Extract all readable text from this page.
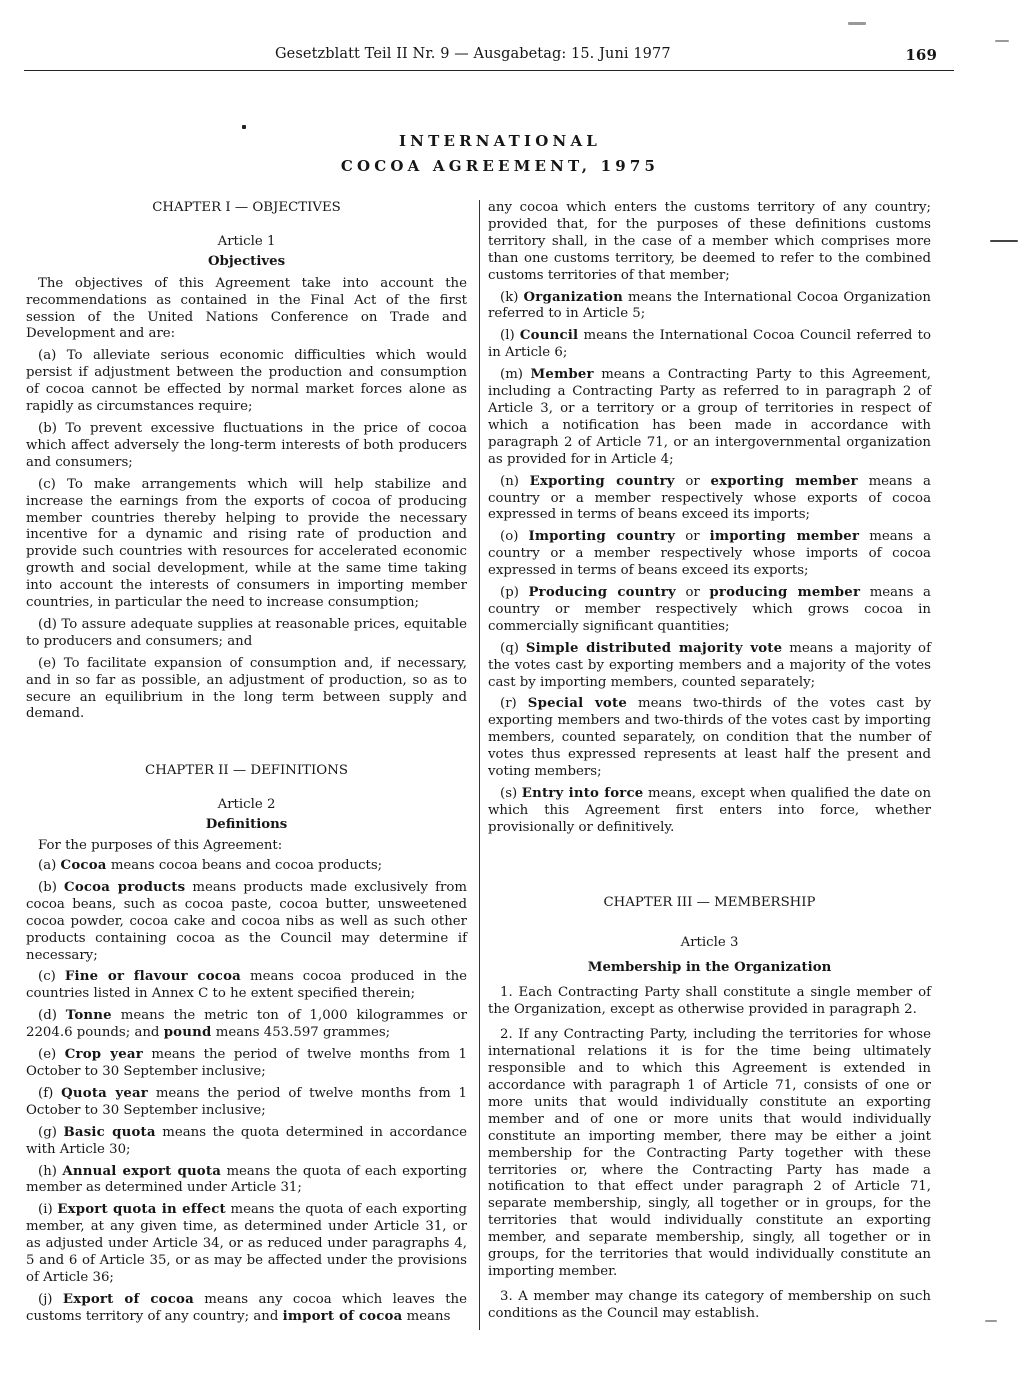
Gesetzblatt Teil II Nr. 9 — Ausgabetag: 15. Juni 1977	169
INTERNATIONAL
COCOA AGREEMENT, 1975

CHAPTER I — OBJECTIVES

Article 1

Objectives

The objectives of this Agreement take into account the recommendations as contained in the Final Act of the first session of the United Nations Conference on Trade and Development and are:

(a) To alleviate serious economic difficulties which would persist if adjustment between the production and consumption of cocoa cannot be effected by normal market forces alone as rapidly as circumstances require;

(b) To prevent excessive fluctuations in the price of cocoa which affect adversely the long-term interests of both producers and consumers;

(c) To make arrangements which will help stabilize and increase the earnings from the exports of cocoa of producing member countries thereby helping to provide the necessary incentive for a dynamic and rising rate of production and provide such countries with resources for accelerated economic growth and social development, while at the same time taking into account the interests of consumers in importing member countries, in particular the need to increase consumption;

(d) To assure adequate supplies at reasonable prices, equitable to producers and consumers; and

(e) To facilitate expansion of consumption and, if necessary, and in so far as possible, an adjustment of production, so as to secure an equilibrium in the long term between supply and demand.

CHAPTER II — DEFINITIONS

Article 2

Definitions

For the purposes of this Agreement:

(a) Cocoa means cocoa beans and cocoa products;

(b) Cocoa products means products made exclusively from cocoa beans, such as cocoa paste, cocoa butter, unsweetened cocoa powder, cocoa cake and cocoa nibs as well as such other products containing cocoa as the Council may determine if necessary;

(c) Fine or flavour cocoa means cocoa produced in the countries listed in Annex C to he extent specified therein;

(d) Tonne means the metric ton of 1,000 kilogrammes or 2204.6 pounds; and pound means 453.597 grammes;

(e) Crop year means the period of twelve months from 1 October to 30 September inclusive;

(f) Quota year means the period of twelve months from 1 October to 30 September inclusive;

(g) Basic quota means the quota determined in accordance with Article 30;

(h) Annual export quota means the quota of each exporting member as determined under Article 31;

(i) Export quota in effect means the quota of each exporting member, at any given time, as determined under Article 31, or as adjusted under Article 34, or as reduced under paragraphs 4, 5 and 6 of Article 35, or as may be affected under the provisions of Article 36;

(j) Export of cocoa means any cocoa which leaves the customs territory of any country; and import of cocoa means

any cocoa which enters the customs territory of any country; provided that, for the purposes of these definitions customs territory shall, in the case of a member which comprises more than one customs territory, be deemed to refer to the combined customs territories of that member;

(k) Organization means the International Cocoa Organization referred to in Article 5;

(l) Council means the International Cocoa Council referred to in Article 6;

(m) Member means a Contracting Party to this Agreement, including a Contracting Party as referred to in paragraph 2 of Article 3, or a territory or a group of territories in respect of which a notification has been made in accordance with paragraph 2 of Article 71, or an intergovernmental organization as provided for in Article 4;

(n) Exporting country or exporting member means a country or a member respectively whose exports of cocoa expressed in terms of beans exceed its imports;

(o) Importing country or importing member means a country or a member respectively whose imports of cocoa expressed in terms of beans exceed its exports;

(p) Producing country or producing member means a country or member respectively which grows cocoa in commercially significant quantities;

(q) Simple distributed majority vote means a majority of the votes cast by exporting members and a majority of the votes cast by importing members, counted separately;

(r) Special vote means two-thirds of the votes cast by exporting members and two-thirds of the votes cast by importing members, counted separately, on condition that the number of votes thus expressed represents at least half the present and voting members;

(s) Entry into force means, except when qualified the date on which this Agreement first enters into force, whether provisionally or definitively.

CHAPTER III — MEMBERSHIP

Article 3

Membership in the Organization

1. Each Contracting Party shall constitute a single member of the Organization, except as otherwise provided in paragraph 2.

2. If any Contracting Party, including the territories for whose international relations it is for the time being ultimately responsible and to which this Agreement is extended in accordance with paragraph 1 of Article 71, consists of one or more units that would individually constitute an exporting member and of one or more units that would individually constitute an importing member, there may be either a joint membership for the Contracting Party together with these territories or, where the Contracting Party has made a notification to that effect under paragraph 2 of Article 71, separate membership, singly, all together or in groups, for the territories that would individually constitute an exporting member, and separate membership, singly, all together or in groups, for the territories that would individually constitute an importing member.

3. A member may change its category of membership on such conditions as the Council may establish.
